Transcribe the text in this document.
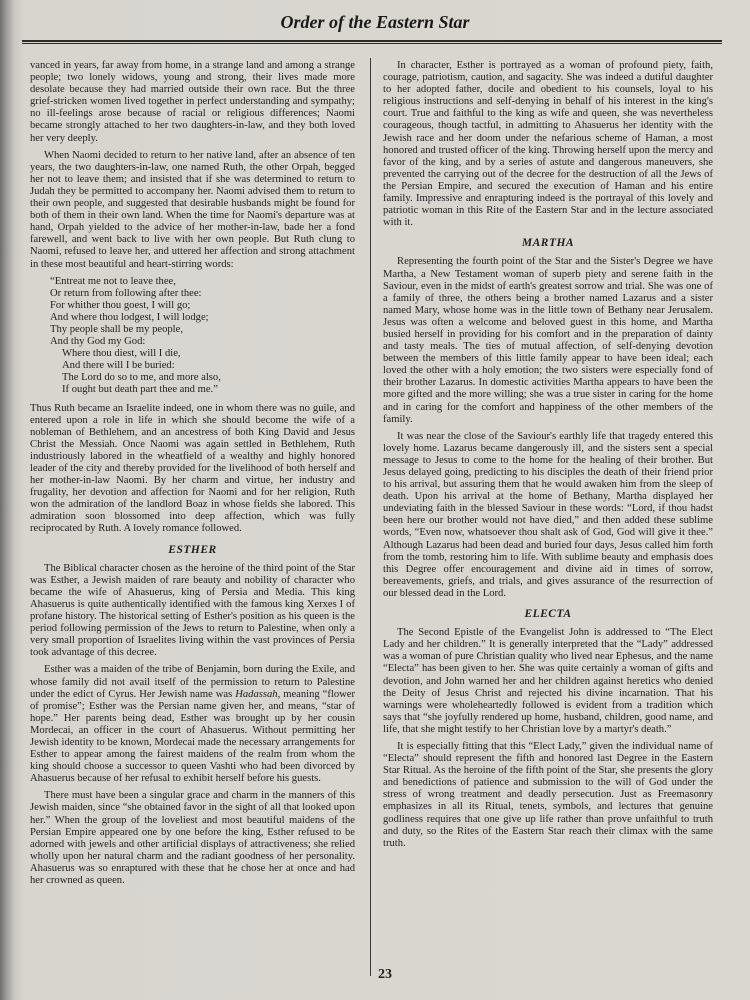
Order of the Eastern Star

vanced in years, far away from home, in a strange land and among a strange people; two lonely widows, young and strong, their lives made more desolate because they had married outside their own race. But the three grief-stricken women lived together in perfect understanding and sympathy; no ill-feelings arose because of racial or religious differences; Naomi became strongly attached to her two daughters-in-law, and they both loved her very deeply.

When Naomi decided to return to her native land, after an absence of ten years, the two daughters-in-law, one named Ruth, the other Orpah, begged her not to leave them; and insisted that if she was determined to return to Judah they be permitted to accompany her. Naomi advised them to return to their own people, and suggested that desirable husbands might be found for both of them in their own land. When the time for Naomi's departure was at hand, Orpah yielded to the advice of her mother-in-law, bade her a fond farewell, and went back to live with her own people. But Ruth clung to Naomi, refused to leave her, and uttered her affection and strong attachment in these most beautiful and heart-stirring words:

“Entreat me not to leave thee,
Or return from following after thee:
For whither thou goest, I will go;
And where thou lodgest, I will lodge;
Thy people shall be my people,
And thy God my God:
Where thou diest, will I die,
And there will I be buried:
The Lord do so to me, and more also,
If ought but death part thee and me.”

Thus Ruth became an Israelite indeed, one in whom there was no guile, and entered upon a role in life in which she should become the wife of a nobleman of Bethlehem, and an ancestress of both King David and Jesus Christ the Messiah. Once Naomi was again settled in Bethlehem, Ruth industriously labored in the wheatfield of a wealthy and highly honored leader of the city and thereby provided for the livelihood of both herself and her mother-in-law Naomi. By her charm and virtue, her industry and frugality, her devotion and affection for Naomi and for her religion, Ruth won the admiration of the landlord Boaz in whose fields she labored. This admiration soon blossomed into deep affection, which was fully reciprocated by Ruth. A lovely romance followed.

ESTHER

The Biblical character chosen as the heroine of the third point of the Star was Esther, a Jewish maiden of rare beauty and nobility of character who became the wife of Ahasuerus, king of Persia and Media. This king Ahasuerus is quite authentically identified with the famous king Xerxes I of profane history. The historical setting of Esther's position as his queen is the period following permission of the Jews to return to Palestine, when only a very small proportion of Israelites living within the vast provinces of Persia took advantage of this decree.

Esther was a maiden of the tribe of Benjamin, born during the Exile, and whose family did not avail itself of the permission to return to Palestine under the edict of Cyrus. Her Jewish name was Hadassah, meaning “flower of promise”; Esther was the Persian name given her, and means, “star of hope.” Her parents being dead, Esther was brought up by her cousin Mordecai, an officer in the court of Ahasuerus. Without permitting her Jewish identity to be known, Mordecai made the necessary arrangements for Esther to appear among the fairest maidens of the realm from whom the king should choose a successor to queen Vashti who had been divorced by Ahasuerus because of her refusal to exhibit herself before his guests.

There must have been a singular grace and charm in the manners of this Jewish maiden, since “she obtained favor in the sight of all that looked upon her.” When the group of the loveliest and most beautiful maidens of the Persian Empire appeared one by one before the king, Esther refused to be adorned with jewels and other artificial displays of attractiveness; she relied wholly upon her natural charm and the radiant goodness of her personality. Ahasuerus was so enraptured with these that he chose her at once and had her crowned as queen.

In character, Esther is portrayed as a woman of profound piety, faith, courage, patriotism, caution, and sagacity. She was indeed a dutiful daughter to her adopted father, docile and obedient to his counsels, loyal to his religious instructions and self-denying in behalf of his interest in the king's court. True and faithful to the king as wife and queen, she was nevertheless courageous, though tactful, in admitting to Ahasuerus her identity with the Jewish race and her doom under the nefarious scheme of Haman, a most honored and trusted officer of the king. Throwing herself upon the mercy and favor of the king, and by a series of astute and dangerous maneuvers, she prevented the carrying out of the decree for the destruction of all the Jews of the Persian Empire, and secured the execution of Haman and his entire family. Impressive and enrapturing indeed is the portrayal of this lovely and patriotic woman in this Rite of the Eastern Star and in the lecture associated with it.

MARTHA

Representing the fourth point of the Star and the Sister's Degree we have Martha, a New Testament woman of superb piety and serene faith in the Saviour, even in the midst of earth's greatest sorrow and trial. She was one of a family of three, the others being a brother named Lazarus and a sister named Mary, whose home was in the little town of Bethany near Jerusalem. Jesus was often a welcome and beloved guest in this home, and Martha busied herself in providing for his comfort and in the preparation of dainty and tasty meals. The ties of mutual affection, of self-denying devotion between the members of this little family appear to have been ideal; each loved the other with a holy emotion; the two sisters were especially fond of their brother Lazarus. In domestic activities Martha appears to have been the more gifted and the more willing; she was a true sister in caring for the home and in caring for the comfort and happiness of the other members of the family.

It was near the close of the Saviour's earthly life that tragedy entered this lovely home. Lazarus became dangerously ill, and the sisters sent a special message to Jesus to come to the home for the healing of their brother. But Jesus delayed going, predicting to his disciples the death of their friend prior to his arrival, but assuring them that he would awaken him from the sleep of death. Upon his arrival at the home of Bethany, Martha displayed her undeviating faith in the blessed Saviour in these words: “Lord, if thou hadst been here our brother would not have died,” and then added these sublime words, “Even now, whatsoever thou shalt ask of God, God will give it thee.” Although Lazarus had been dead and buried four days, Jesus called him forth from the tomb, restoring him to life. With sublime beauty and emphasis does this Degree offer encouragement and divine aid in times of sorrow, bereavements, griefs, and trials, and gives assurance of the resurrection of our blessed dead in the Lord.

ELECTA

The Second Epistle of the Evangelist John is addressed to “The Elect Lady and her children.” It is generally interpreted that the “Lady” addressed was a woman of pure Christian quality who lived near Ephesus, and the name “Electa” has been given to her. She was quite certainly a woman of gifts and devotion, and John warned her and her children against heretics who denied the Deity of Jesus Christ and rejected his divine incarnation. That his warnings were wholeheartedly followed is evident from a tradition which says that “she joyfully rendered up home, husband, children, good name, and life, that she might testify to her Christian love by a martyr's death.”

It is especially fitting that this “Elect Lady,” given the individual name of “Electa” should represent the fifth and honored last Degree in the Eastern Star Ritual. As the heroine of the fifth point of the Star, she presents the glory and benedictions of patience and submission to the will of God under the stress of wrong treatment and deadly persecution. Just as Freemasonry emphasizes in all its Ritual, tenets, symbols, and lectures that genuine godliness requires that one give up life rather than prove unfaithful to truth and duty, so the Rites of the Eastern Star reach their climax with the same truth.

23
